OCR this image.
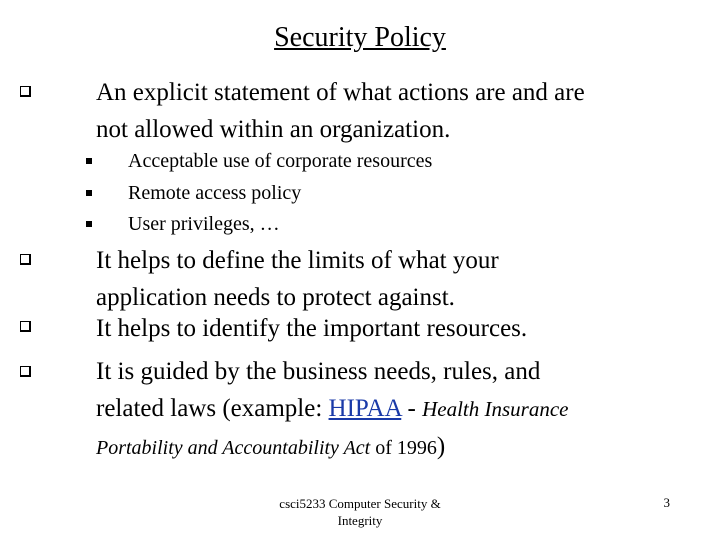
Security Policy
An explicit statement of what actions are and are
not allowed within an organization.
Acceptable use of corporate resources
Remote access policy
User privileges, …
It helps to define the limits of what your
application needs to protect against.
It helps to identify the important resources.
It is guided by the business needs, rules, and
related laws (example: HIPAA - Health Insurance
Portability and Accountability Act of 1996)
csci5233 Computer Security &
Integrity
3
